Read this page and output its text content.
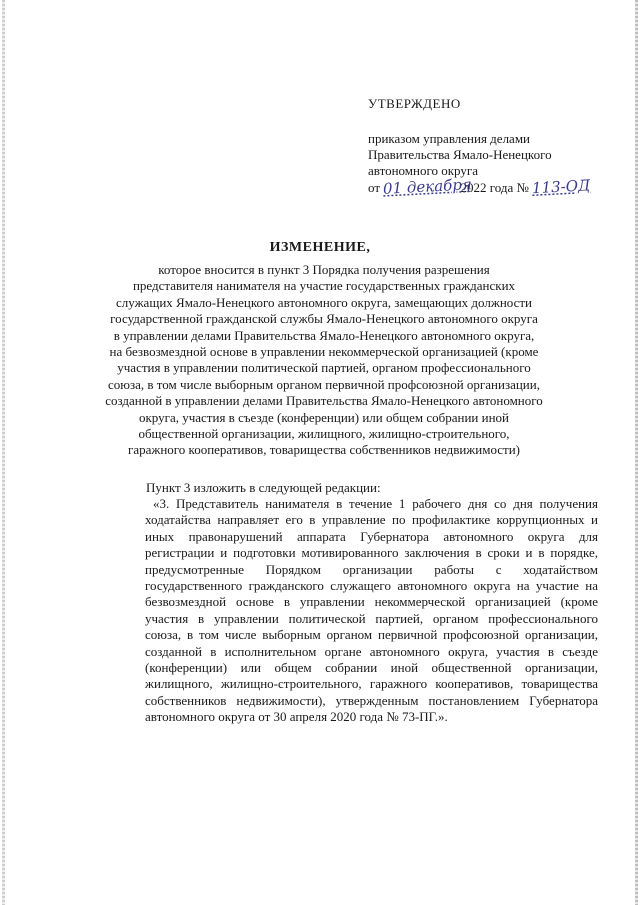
УТВЕРЖДЕНО
приказом управления делами
Правительства Ямало-Ненецкого
автономного округа
от 01 декабря 2022 года № 113-ОД
ИЗМЕНЕНИЕ,
которое вносится в пункт 3 Порядка получения разрешения
представителя нанимателя на участие государственных гражданских
служащих Ямало-Ненецкого автономного округа, замещающих должности
государственной гражданской службы Ямало-Ненецкого автономного округа
в управлении делами Правительства Ямало-Ненецкого автономного округа,
на безвозмездной основе в управлении некоммерческой организацией (кроме
участия в управлении политической партией, органом профессионального
союза, в том числе выборным органом первичной профсоюзной организации,
созданной в управлении делами Правительства Ямало-Ненецкого автономного
округа, участия в съезде (конференции) или общем собрании иной
общественной организации, жилищного, жилищно-строительного,
гаражного кооперативов, товарищества собственников недвижимости)
Пункт 3 изложить в следующей редакции:
«3. Представитель нанимателя в течение 1 рабочего дня со дня получения
ходатайства направляет его в управление по профилактике коррупционных и
иных правонарушений аппарата Губернатора автономного округа для
регистрации и подготовки мотивированного заключения в сроки и в порядке,
предусмотренные Порядком организации работы с ходатайством
государственного гражданского служащего автономного округа на участие на
безвозмездной основе в управлении некоммерческой организацией (кроме
участия в управлении политической партией, органом профессионального
союза, в том числе выборным органом первичной профсоюзной организации,
созданной в исполнительном органе автономного округа, участия в съезде
(конференции) или общем собрании иной общественной организации,
жилищного, жилищно-строительного, гаражного кооперативов, товарищества
собственников недвижимости), утвержденным постановлением Губернатора
автономного округа от 30 апреля 2020 года № 73-ПГ.».
